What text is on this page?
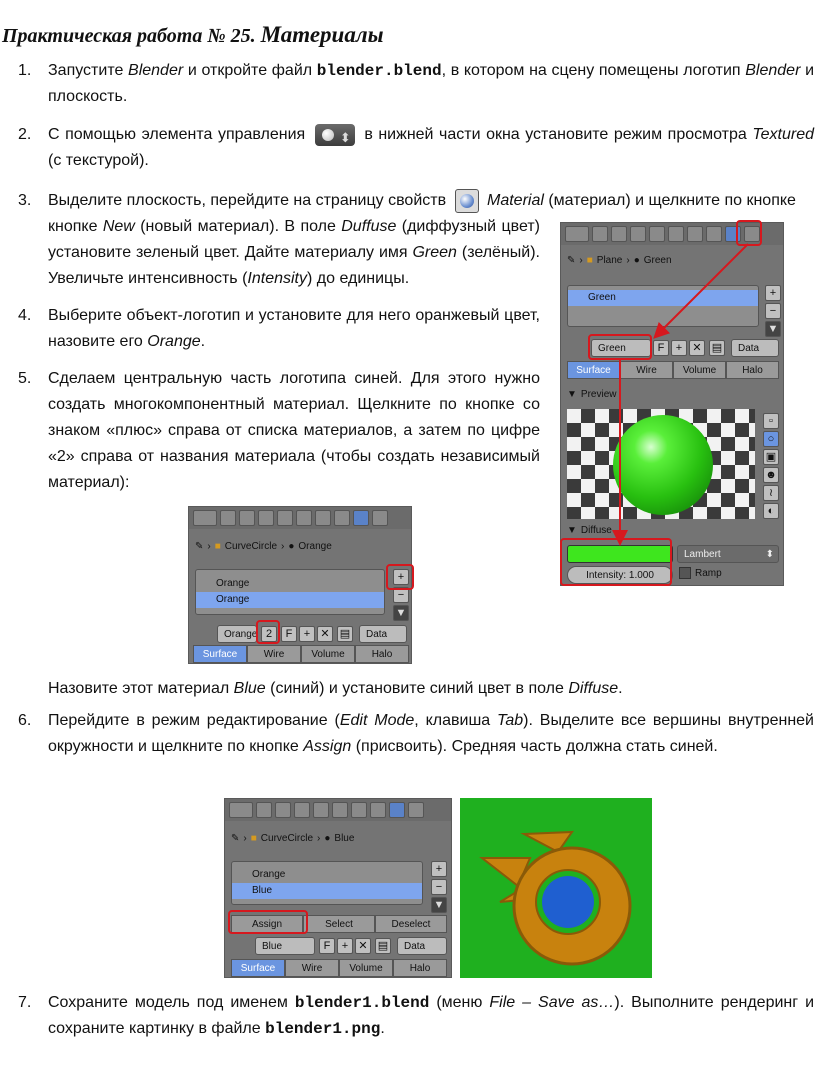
Практическая работа № 25. Материалы
1. Запустите Blender и откройте файл blender.blend, в котором на сцену помещены логотип Blender и плоскость.
2. С помощью элемента управления ⬍	в нижней части окна установите режим просмотра Textured (с текстурой).
3. Выделите плоскость, перейдите на страницу свойств	Material (материал) и щелкните по кнопке
кнопке New (новый материал). В поле Duffuse (диффузный цвет) установите зеленый цвет. Дайте материалу имя Green (зелёный). Увеличьте интенсивность (Intensity) до единицы.
4. Выберите объект-логотип и установите для него оранжевый цвет, назовите его Orange.
5. Сделаем центральную часть логотипа синей. Для этого нужно создать многокомпонентный материал. Щелкните по кнопке со знаком «плюс» справа от списка материалов, а затем по цифре «2» справа от названия материала (чтобы создать независимый материал):
✎ › ■ Plane › ● Green
Green	+
−
▼
Green	F	+ ✕ ▤	Data
Surface	Wire	Volume	Halo
▼ Preview
▫
○
▣
☻
≀
◐
▼ Diffuse
Lambert	⬍
Intensity: 1.000	Ramp
✎ › ■ CurveCircle › ● Orange
Orange
Orange
+
−
▼
Orange 2	F	+ ✕ ▤	Data
Surface	Wire	Volume	Halo
Назовите этот материал Blue (синий) и установите синий цвет в поле Diffuse.
6. Перейдите в режим редактирование (Edit Mode, клавиша Tab). Выделите все вершины внутренней окружности и щелкните по кнопке Assign (присвоить). Средняя часть должна стать синей.
✎ › ■ CurveCircle › ● Blue
Orange
Blue
+
−
▼
Assign	Select	Deselect
Blue	F	+ ✕ ▤	Data
Surface	Wire	Volume	Halo
7. Сохраните модель под именем blender1.blend (меню File – Save as…). Выполните рендеринг и сохраните картинку в файле blender1.png.
